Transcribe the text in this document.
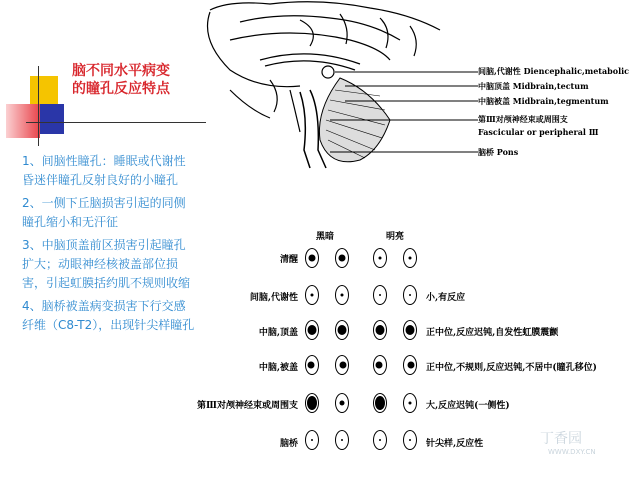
脑不同水平病变
的瞳孔反应特点
1、间脑性瞳孔：睡眠或代谢性昏迷伴瞳孔反射良好的小瞳孔
2、一侧下丘脑损害引起的同侧瞳孔缩小和无汗征
3、中脑顶盖前区损害引起瞳孔扩大；动眼神经核被盖部位损害，引起虹膜括约肌不规则收缩
4、脑桥被盖病变损害下行交感纤维（C8-T2），出现针尖样瞳孔
间脑,代谢性 Diencephalic,metabolic
中脑顶盖 Midbrain,tectum
中脑被盖 Midbrain,tegmentum
第Ⅲ对颅神经束或周围支
Fascicular or peripheral Ⅲ
脑桥 Pons
黑暗	明亮
清醒
间脑,代谢性	小,有反应
中脑,顶盖	正中位,反应迟钝,自发性虹膜震颤
中脑,被盖	正中位,不规则,反应迟钝,不居中(瞳孔移位)
第Ⅲ对颅神经束或周围支	大,反应迟钝(一侧性)
脑桥	针尖样,反应性	丁香园
WWW.DXY.CN
